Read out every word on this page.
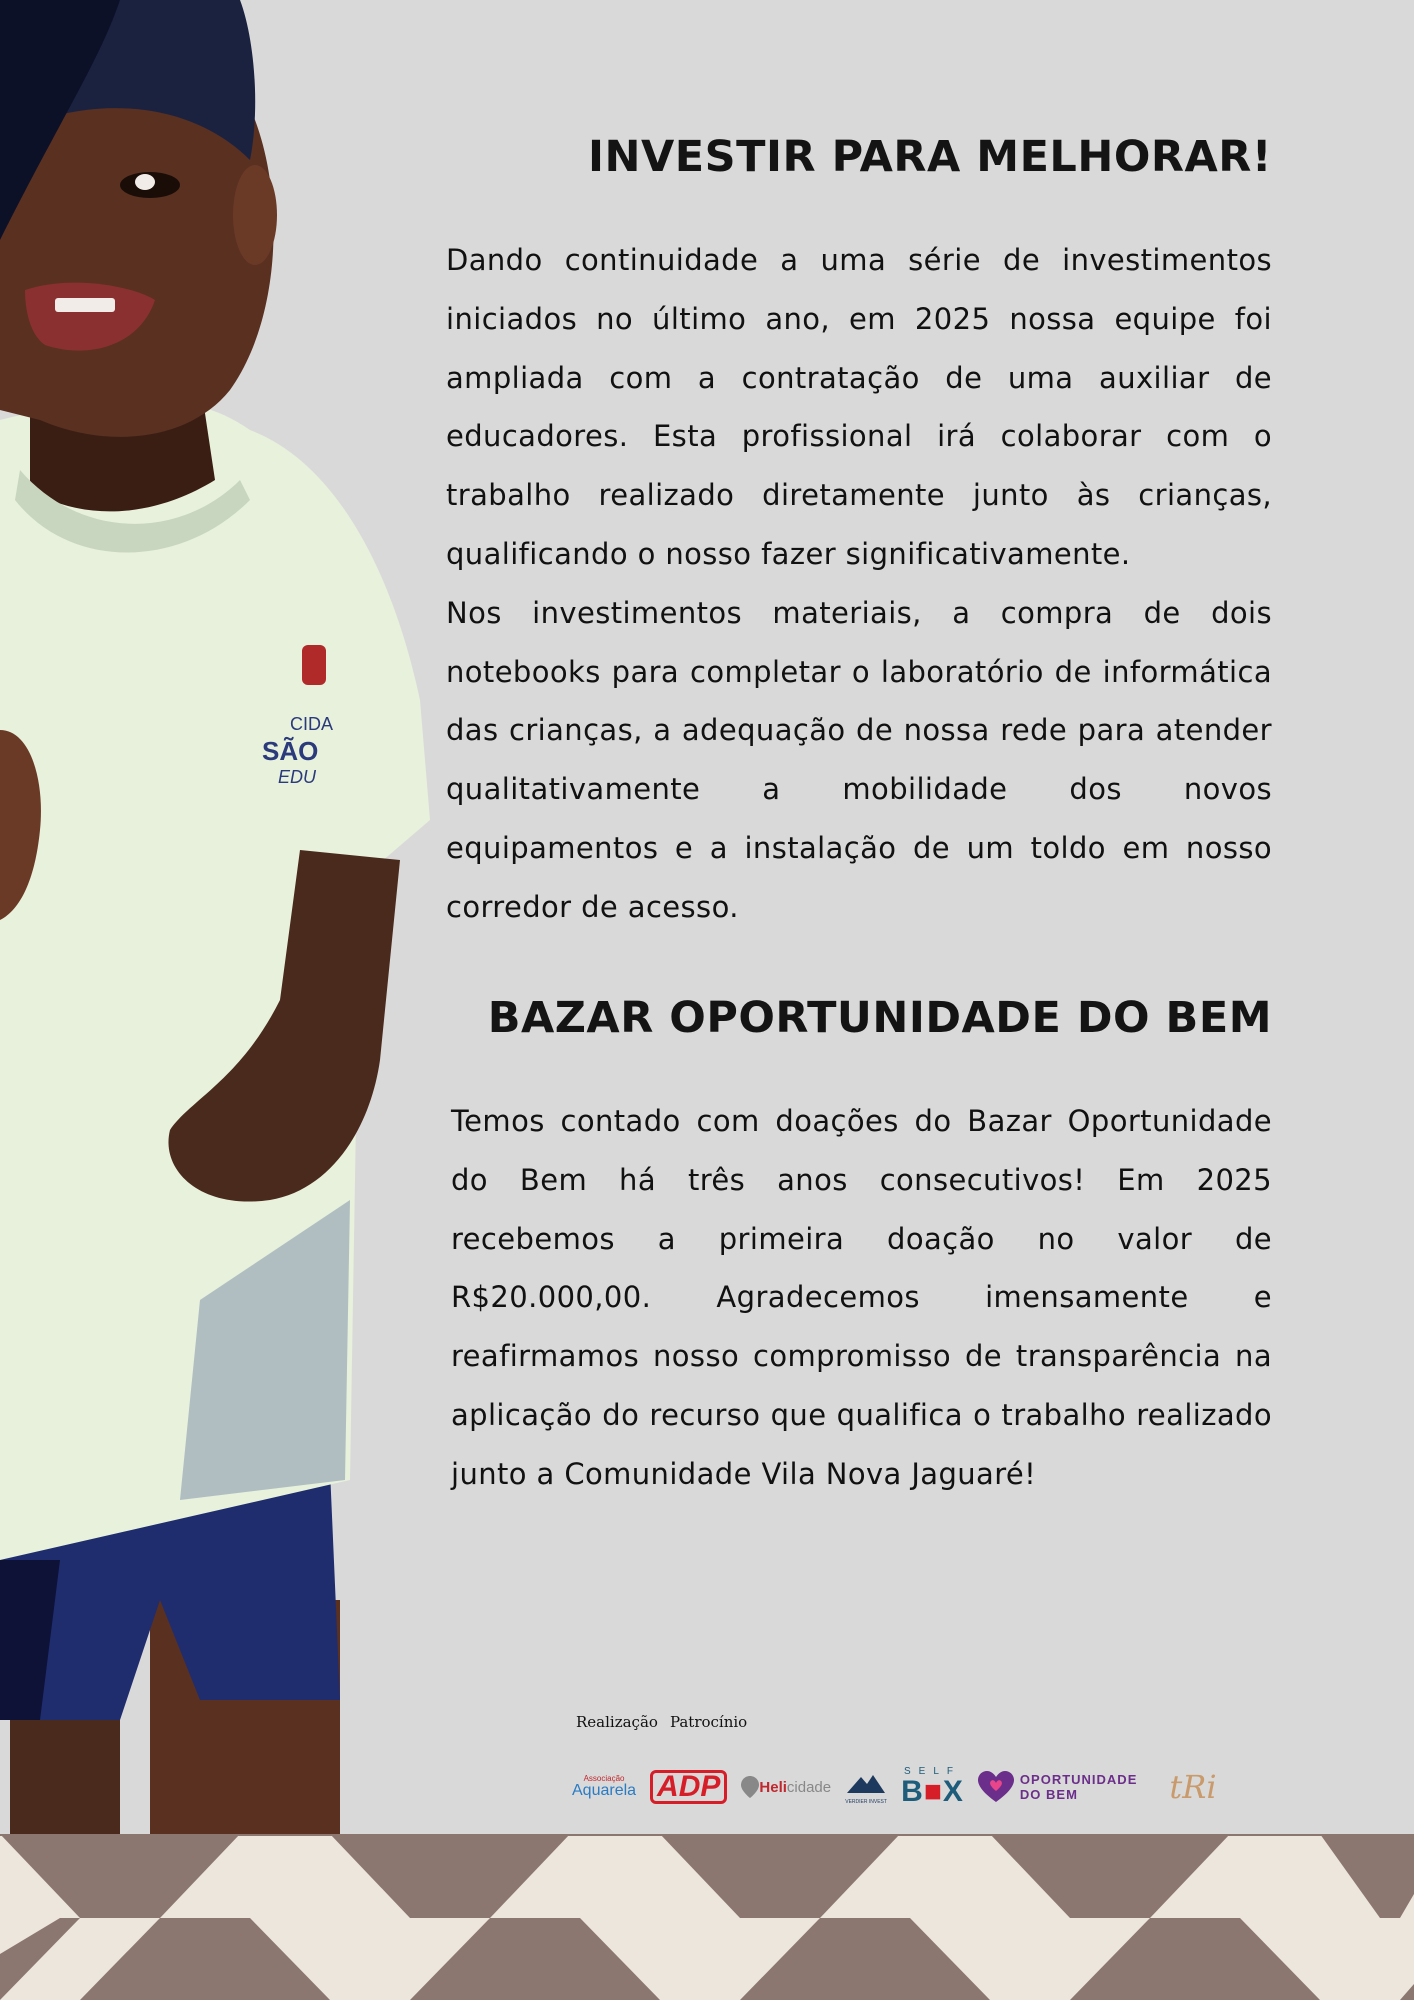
CIDA
SÃO
EDU
INVESTIR PARA MELHORAR!

Dando continuidade a uma série de investimentos iniciados no último ano, em 2025 nossa equipe foi ampliada com a contratação de uma auxiliar de educadores. Esta profissional irá colaborar com o trabalho realizado diretamente junto às crianças, qualificando o nosso fazer significativamente.

Nos investimentos materiais, a compra de dois notebooks para completar o laboratório de informática das crianças, a adequação de nossa rede para atender qualitativamente a mobilidade dos novos equipamentos e a instalação de um toldo em nosso corredor de acesso.

BAZAR OPORTUNIDADE DO BEM

Temos contado com doações do Bazar Oportunidade do Bem há três anos consecutivos! Em 2025 recebemos a primeira doação no valor de R$20.000,00. Agradecemos imensamente e reafirmamos nosso compromisso de transparência na aplicação do recurso que qualifica o trabalho realizado junto a Comunidade Vila Nova Jaguaré!

Realização Patrocínio
Associação
Aquarela ADP	Heli cidade
VERDIER INVEST
SELF
B■X	OPORTUNIDADE
DO BEM	tRi
